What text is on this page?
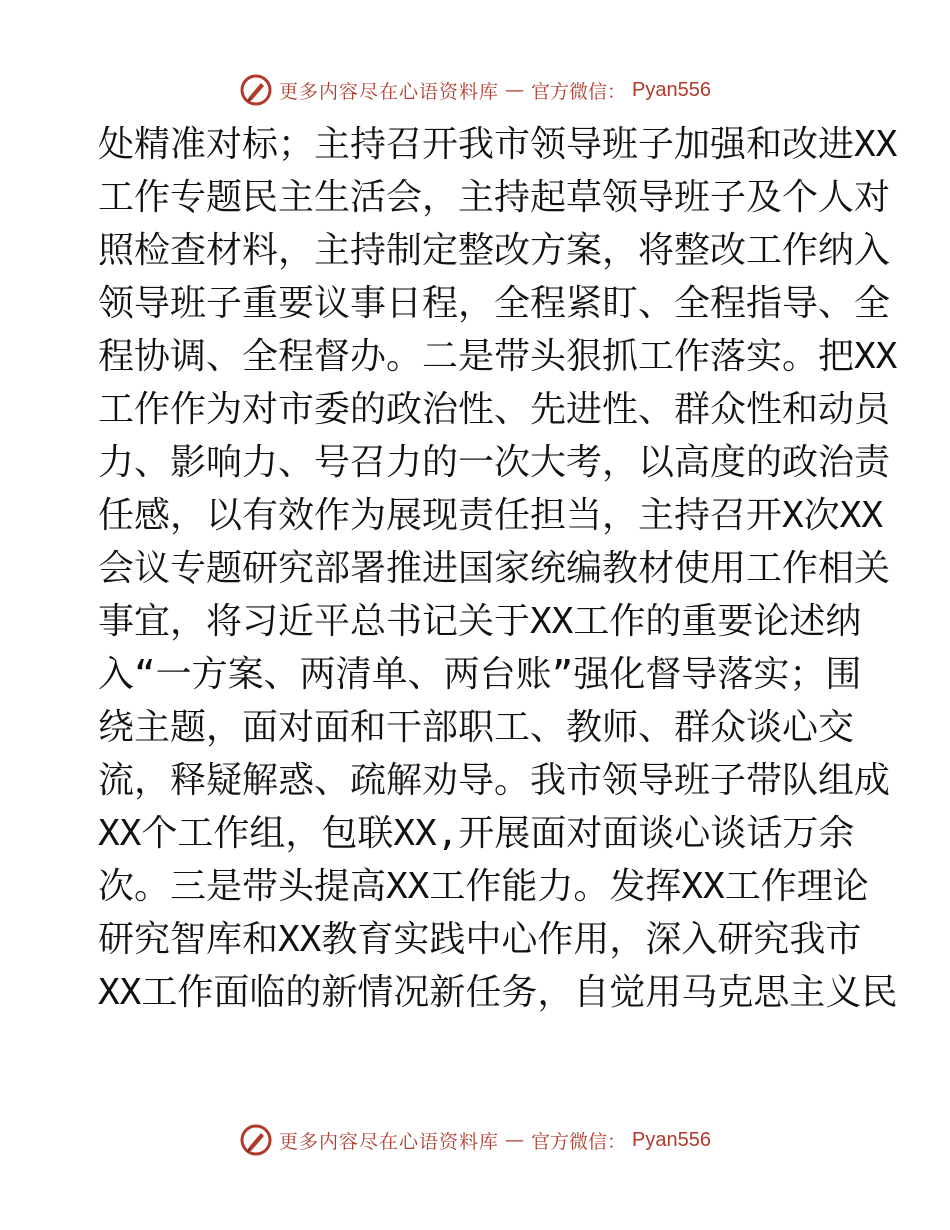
更多内容尽在心语资料库 — 官方微信： Pyan556
处精准对标；主持召开我市领导班子加强和改进XX
工作专题民主生活会，主持起草领导班子及个人对
照检查材料，主持制定整改方案，将整改工作纳入
领导班子重要议事日程，全程紧盯、全程指导、全
程协调、全程督办。二是带头狠抓工作落实。把XX
工作作为对市委的政治性、先进性、群众性和动员
力、影响力、号召力的一次大考，以高度的政治责
任感，以有效作为展现责任担当，主持召开X次XX
会议专题研究部署推进国家统编教材使用工作相关
事宜，将习近平总书记关于XX工作的重要论述纳
入“一方案、两清单、两台账”强化督导落实；围
绕主题，面对面和干部职工、教师、群众谈心交
流，释疑解惑、疏解劝导。我市领导班子带队组成
XX个工作组，包联XX,开展面对面谈心谈话万余
次。三是带头提高XX工作能力。发挥XX工作理论
研究智库和XX教育实践中心作用，深入研究我市
XX工作面临的新情况新任务，自觉用马克思主义民
更多内容尽在心语资料库 — 官方微信： Pyan556
